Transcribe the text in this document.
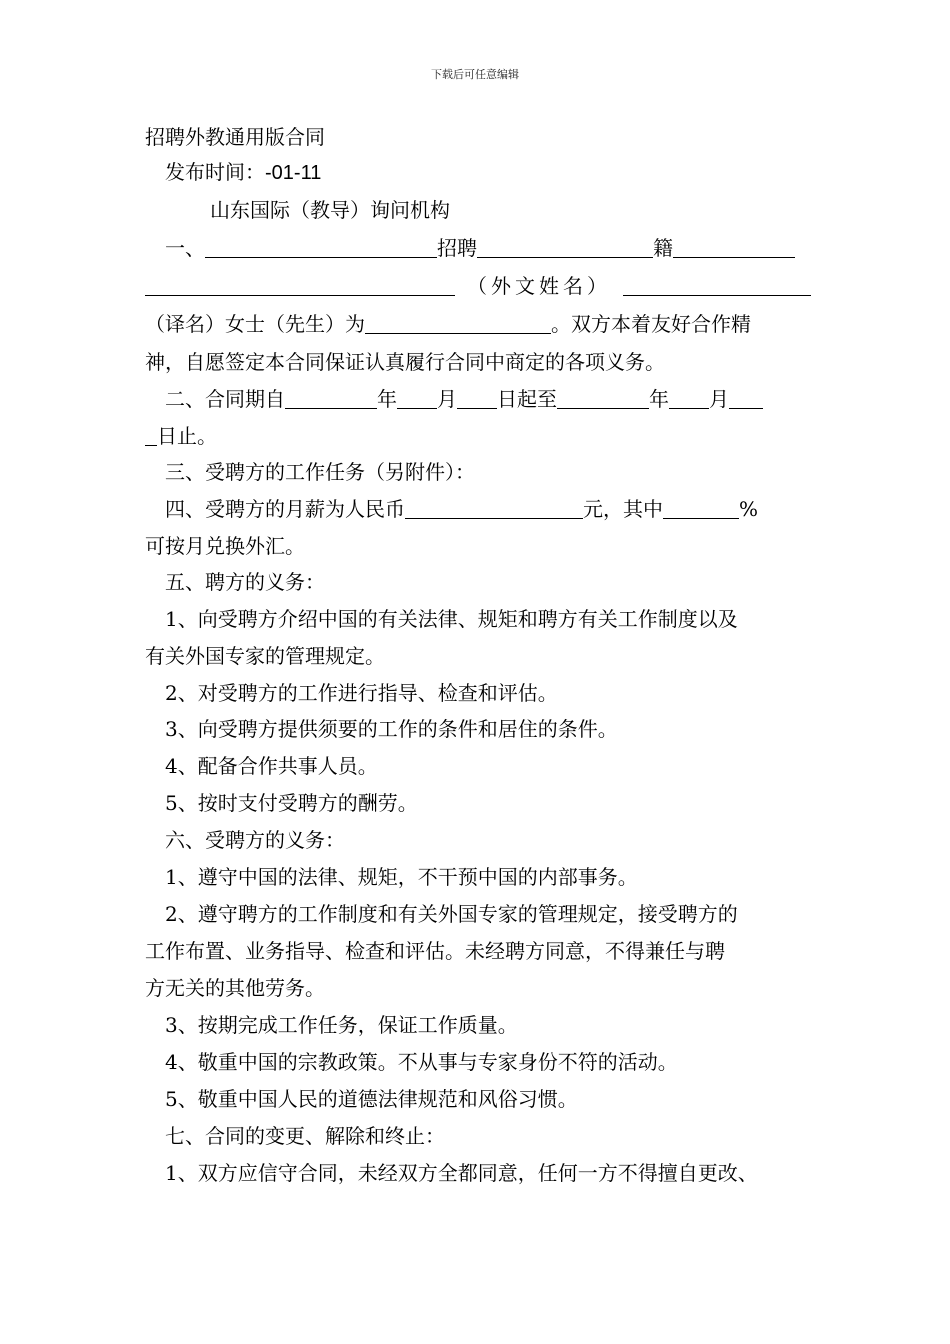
下载后可任意编辑
招聘外教通用版合同
发布时间：-01-11
山东国际（教导）询问机构
一、	招聘	籍
（外文姓名）
（译名）女士（先生）为	。双方本着友好合作精
神，自愿签定本合同保证认真履行合同中商定的各项义务。
二、合同期自	年 月 日起至	年 月
日止。
三、受聘方的工作任务（另附件）：
四、受聘方的月薪为人民币	元，其中	%
可按月兑换外汇。
五、聘方的义务：
1、向受聘方介绍中国的有关法律、规矩和聘方有关工作制度以及
有关外国专家的管理规定。
2、对受聘方的工作进行指导、检查和评估。
3、向受聘方提供须要的工作的条件和居住的条件。
4、配备合作共事人员。
5、按时支付受聘方的酬劳。
六、受聘方的义务：
1、遵守中国的法律、规矩，不干预中国的内部事务。
2、遵守聘方的工作制度和有关外国专家的管理规定，接受聘方的
工作布置、业务指导、检查和评估。未经聘方同意，不得兼任与聘
方无关的其他劳务。
3、按期完成工作任务，保证工作质量。
4、敬重中国的宗教政策。不从事与专家身份不符的活动。
5、敬重中国人民的道德法律规范和风俗习惯。
七、合同的变更、解除和终止：
1、双方应信守合同，未经双方全都同意，任何一方不得擅自更改、
